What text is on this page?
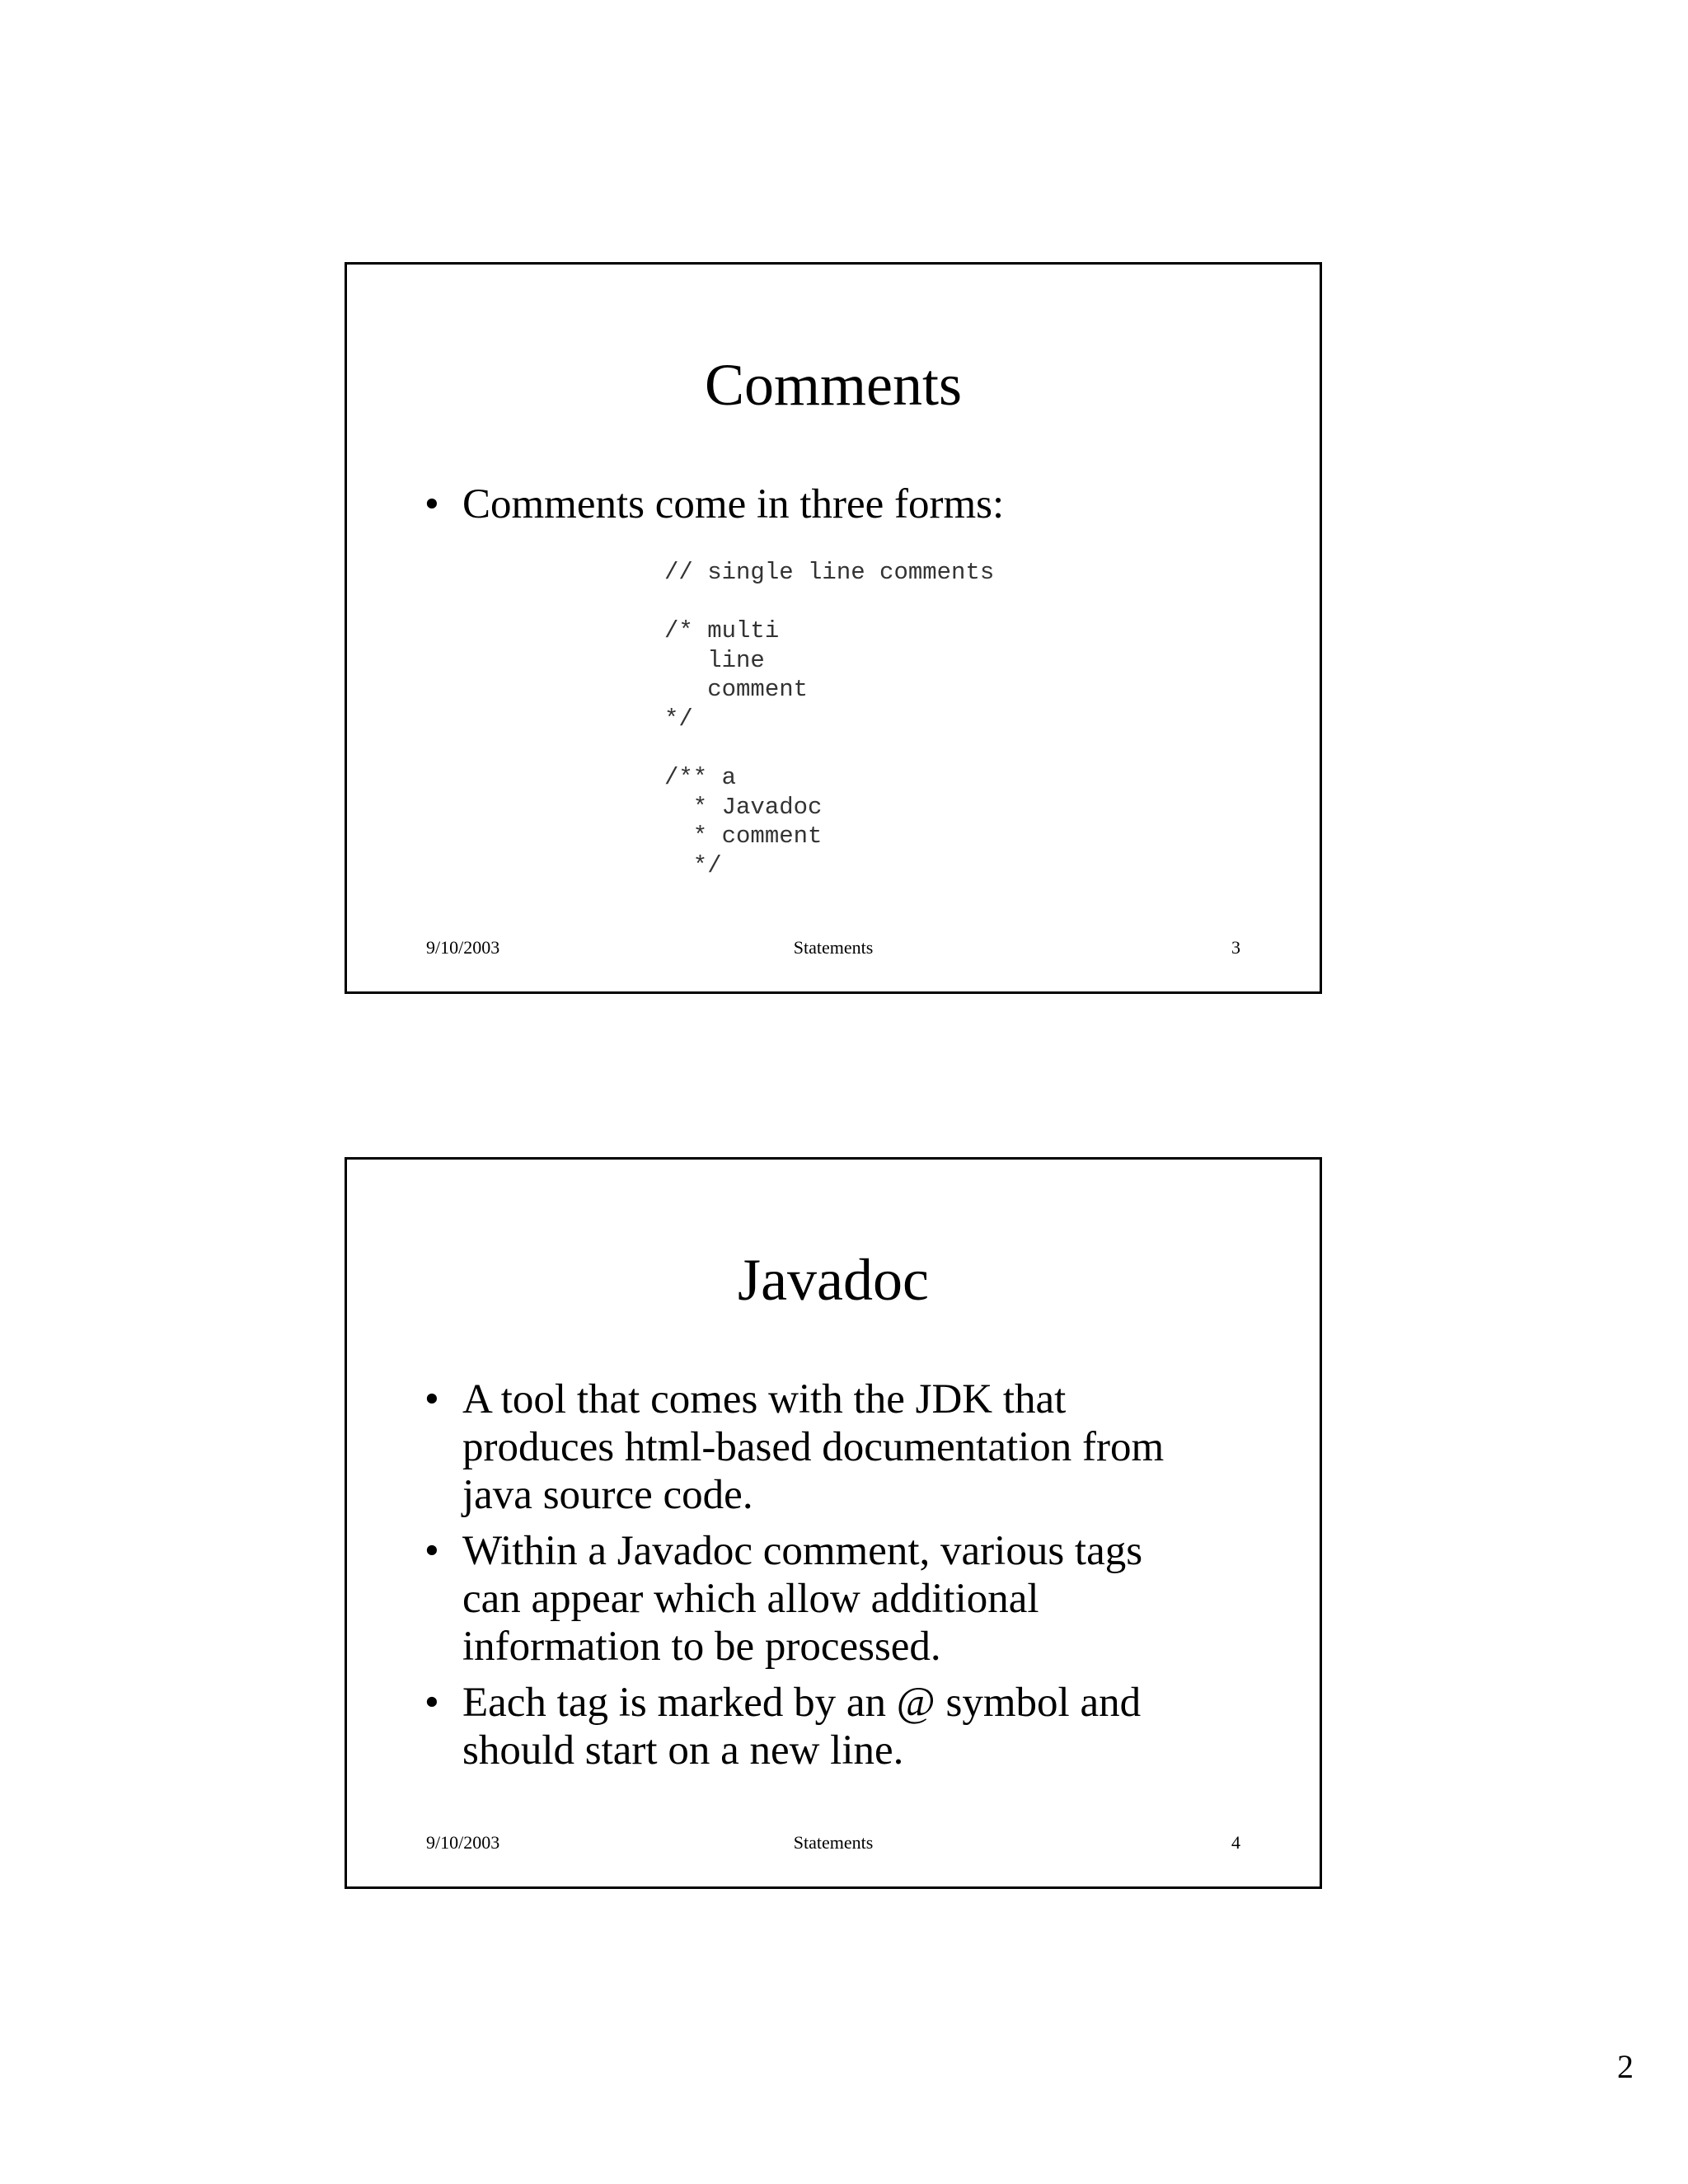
Comments
• Comments come in three forms:
// single line comments
/* multi
line
comment
*/
/** a
* Javadoc
* comment
*/
9/10/2003	Statements	3
Javadoc
• A tool that comes with the JDK that
produces html-based documentation from
java source code.
• Within a Javadoc comment, various tags
can appear which allow additional
information to be processed.
• Each tag is marked by an @ symbol and
should start on a new line.
9/10/2003	Statements	4
2
